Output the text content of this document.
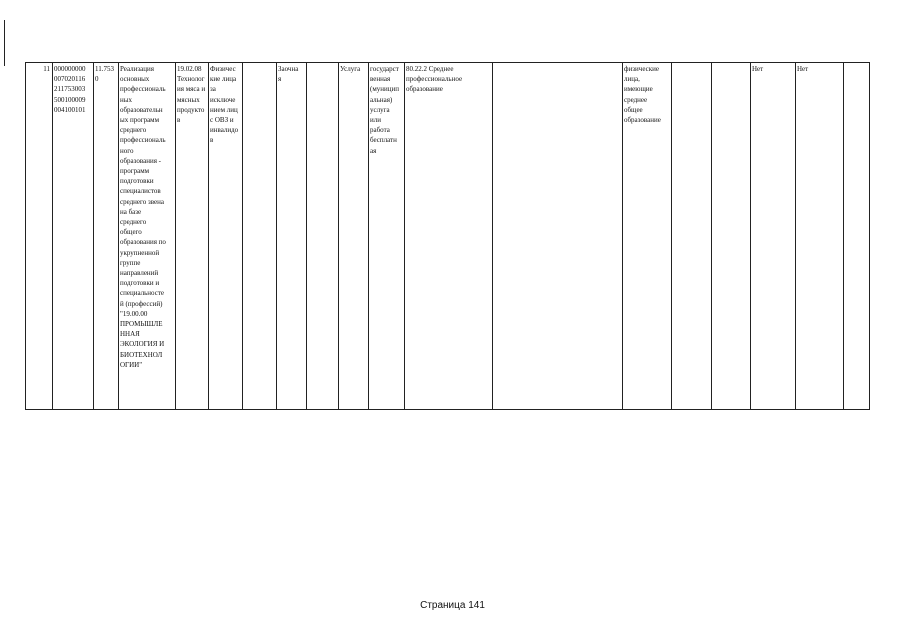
11 000000000
007020116
211753003
500100009
004100101
11.753
0
Реализация
основных
профессиональ
ных
образовательн
ых программ
среднего
профессиональ
ного
образования -
программ
подготовки
специалистов
среднего звена
на базе
среднего
общего
образования по
укрупненной
группе
направлений
подготовки и
специальносте
й (профессий)
"19.00.00
ПРОМЫШЛЕ
ННАЯ
ЭКОЛОГИЯ И
БИОТЕХНОЛ
ОГИИ"
19.02.08
Технолог
ия мяса и
мясных
продукто
в
Физичес
кие лица
за
исключе
нием лиц
с ОВЗ и
инвалидо
в
Заочна
я
Услуга	государст
венная
(муницип
альная)
услуга
или
работа
бесплатн
ая
80.22.2 Среднее
профессиональное
образование
физические
лица,
имеющие
среднее
общее
образование
Нет	Нет
Страница 141
